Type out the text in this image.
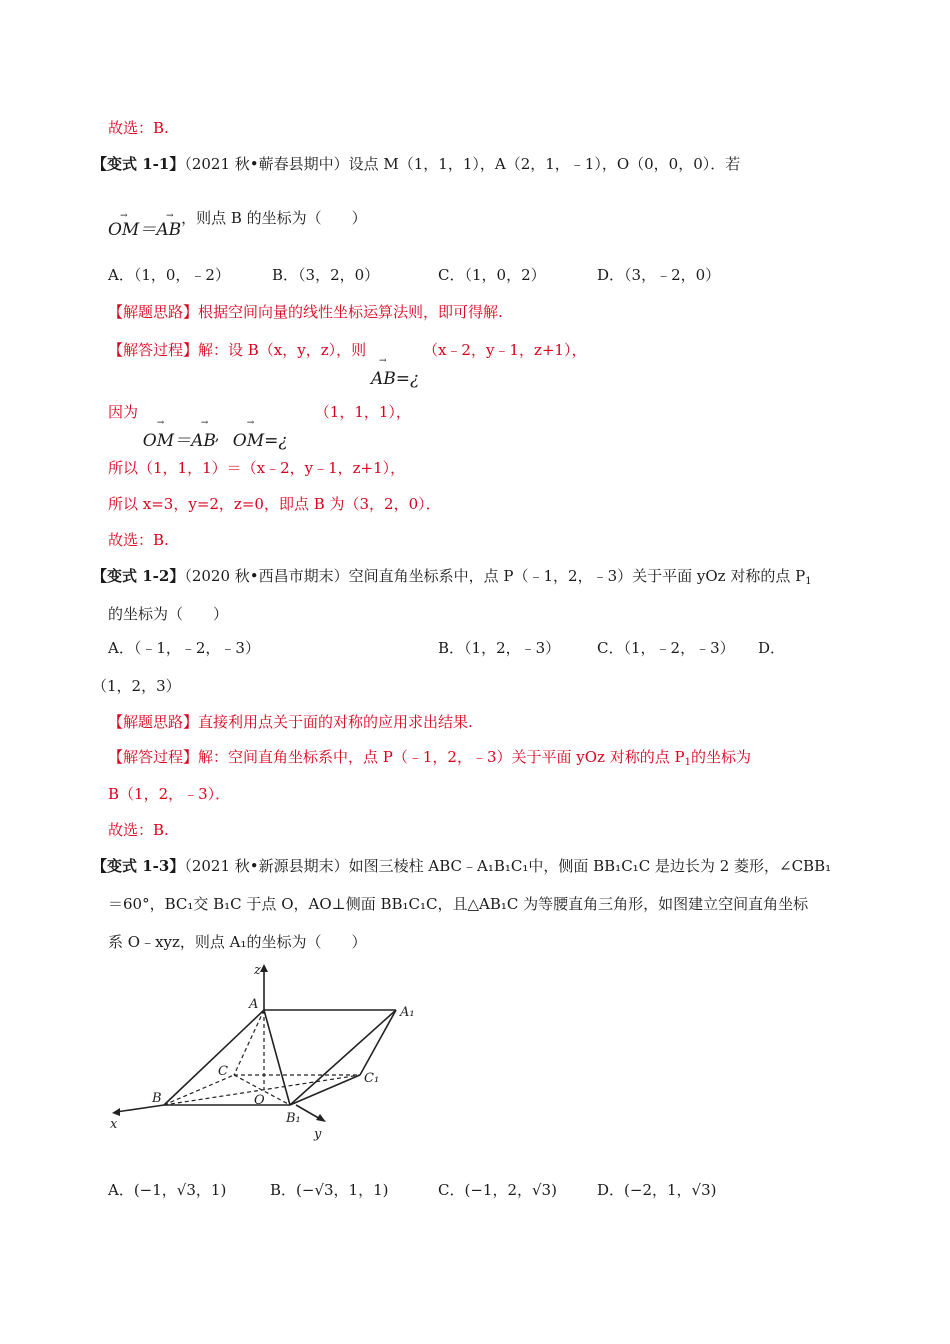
故选：B.
【变式 1-1】（2021 秋•蕲春县期中）设点 M（1，1，1），A（2，1，﹣1），O（0，0，0）．若
→	→
OM＝AB，则点 B 的坐标为（　　）
A．（1，0，﹣2）	B．（3，2，0）	C．（1，0，2）	D．（3，﹣2，0）
【解题思路】根据空间向量的线性坐标运算法则，即可得解.
【解答过程】解：设 B（x，y，z），则
→
AB=¿
（x﹣2，y﹣1，z+1），
因为
→	→	→
OM＝AB
, OM=¿
（1，1，1），
所以（1，1，1）＝（x﹣2，y﹣1，z+1），
所以 x=3，y=2，z=0，即点 B 为（3，2，0）．
故选：B.
【变式 1-2】（2020 秋•西昌市期末）空间直角坐标系中，点 P（﹣1，2，﹣3）关于平面 yOz 对称的点 $P_1$
的坐标为（　　）
A．（﹣1，﹣2，﹣3）	B．（1，2，﹣3） C．（1，﹣2，﹣3） D．
（1，2，3）
【解题思路】直接利用点关于面的对称的应用求出结果.
【解答过程】解：空间直角坐标系中，点 P（﹣1，2，﹣3）关于平面 yOz 对称的点 $P_1$的坐标为
B（1，2，﹣3）．
故选：B.
【变式 1-3】（2021 秋•新源县期末）如图三棱柱 ABC﹣A₁B₁C₁中，侧面 BB₁C₁C 是边长为 2 菱形，∠CBB₁
＝60°，BC₁交 B₁C 于点 O，AO⊥侧面 BB₁C₁C，且△AB₁C 为等腰直角三角形，如图建立空间直角坐标
系 O﹣xyz，则点 A₁的坐标为（　　）
z
A
A₁
C	C₁
B	O
B₁
x
y
A．(−1，√3，1)	B．(−√3，1，1)	C．(−1，2，√3)	D．(−2，1，√3)
